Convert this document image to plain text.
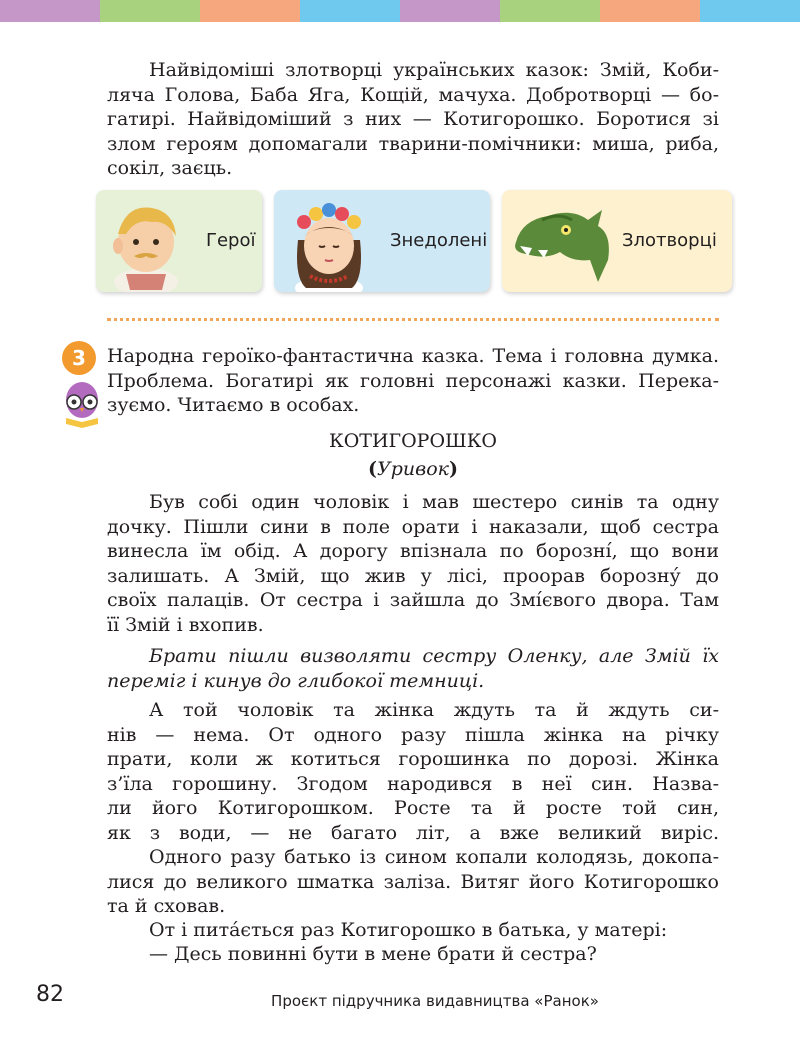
Найвідоміші злотворці українських казок: Змій, Коби-
ляча Голова, Баба Яга, Кощій, мачуха. Добротворці — бо-
гатирі. Найвідоміший з них — Котигорошко. Боротися зі
злом героям допомагали тварини-помічники: миша, риба,
сокіл, заєць.
Герої	Знедолені	Злотворці
3	Народна героїко-фантастична казка. Тема і головна думка.
Проблема. Богатирі як головні персонажі казки. Перека-
зуємо. Читаємо в особах.

КОТИГОРОШКО

(Уривок)

Був собі один чоловік і мав шестеро синів та одну
дочку. Пішли сини в поле орати і наказали, щоб сестра
винесла їм обід. А дорогу впізнала по борозні́, що вони
залишать. А Змій, що жив у лісі, проорав борозну́ до
своїх палаців. От сестра і зайшла до Змі́євого двора. Там
її Змій і вхопив.
Брати пішли визволяти сестру Оленку, але Змій їх
переміг і кинув до глибокої темниці.
А той чоловік та жінка ждуть та й ждуть си-
нів — нема. От одного разу пішла жінка на річку
прати, коли ж котиться горошинка по дорозі. Жінка
з’їла горошину. Згодом народився в неї син. Назва-
ли його Котигорошком. Росте та й росте той син,
як з води, — не багато літ, а вже великий виріс.
Одного разу батько із сином копали колодязь, докопа-
лися до великого шматка заліза. Витяг його Котигорошко
та й сховав.
От і пита́ється раз Котигорошко в батька, у матері:
— Десь повинні бути в мене брати й сестра?
82	Проєкт підручника видавництва «Ранок»
